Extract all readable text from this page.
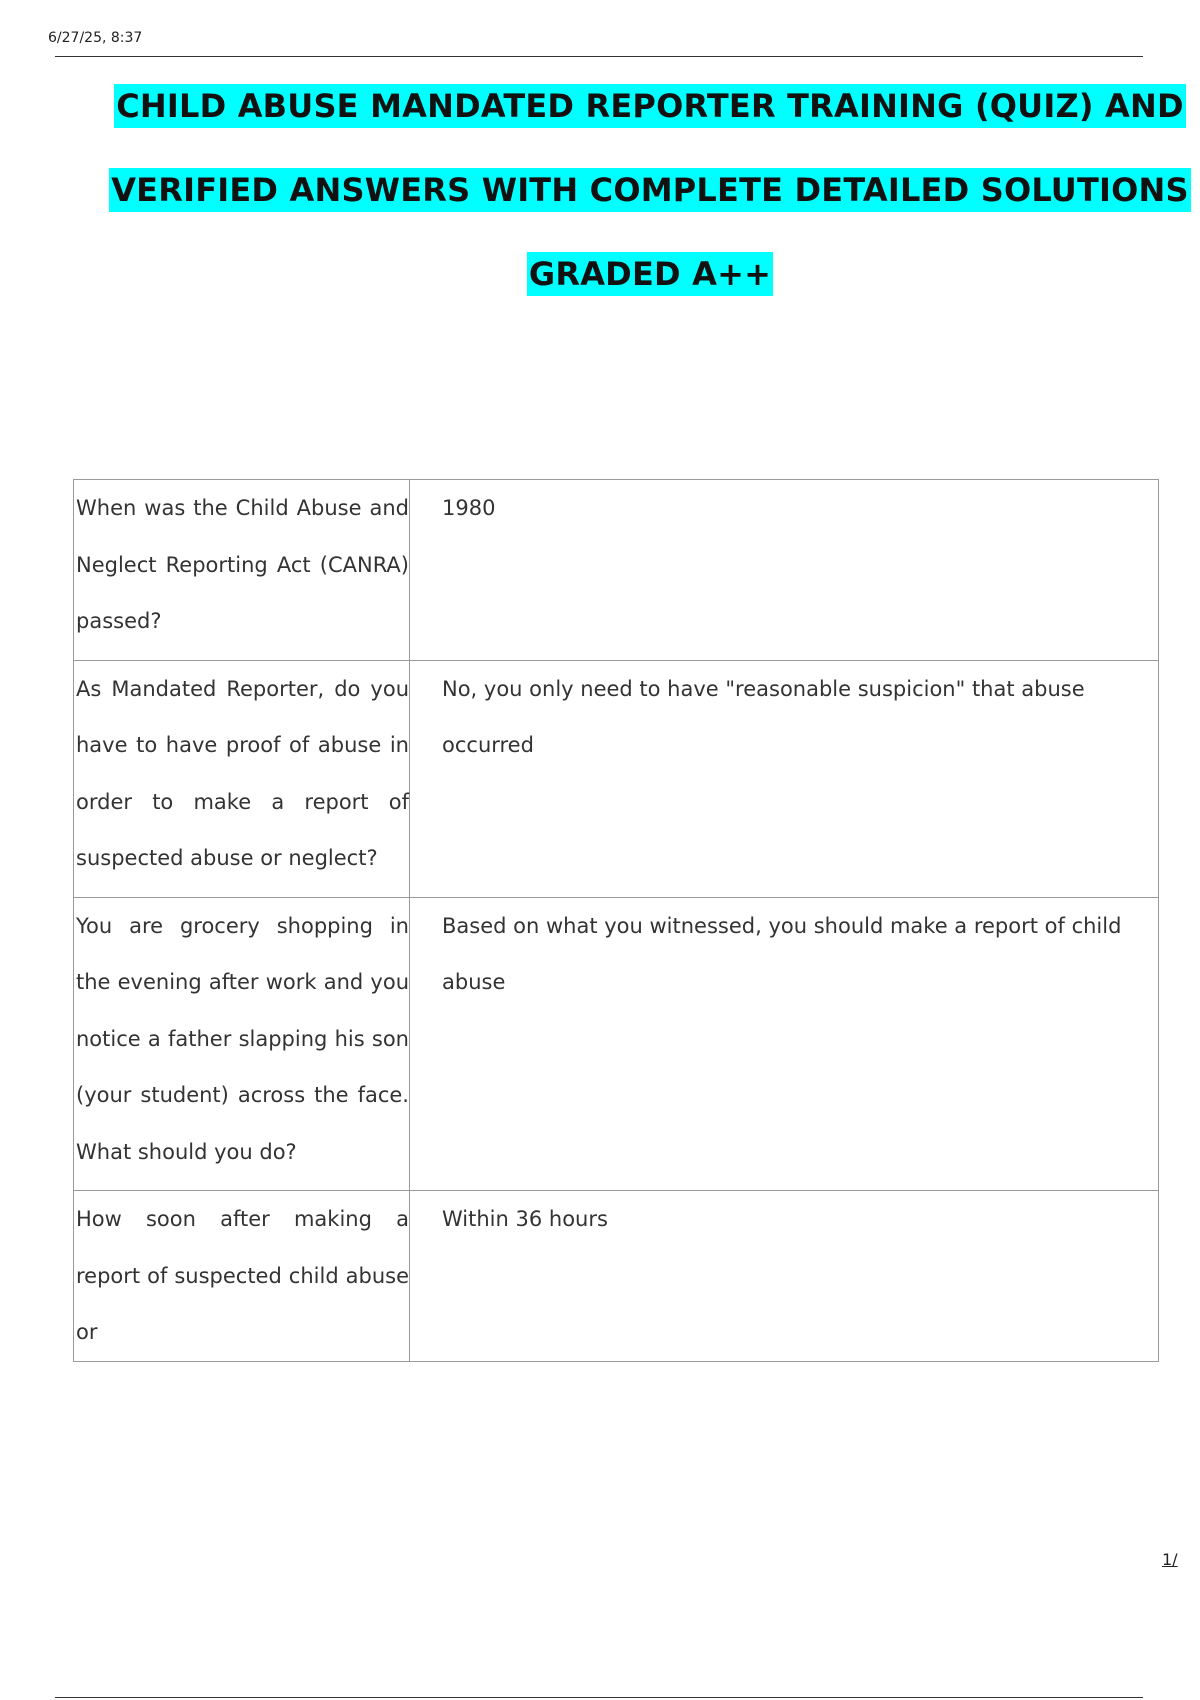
6/27/25, 8:37
CHILD ABUSE MANDATED REPORTER TRAINING (QUIZ) AND
VERIFIED ANSWERS WITH COMPLETE DETAILED SOLUTIONS
GRADED A++
When was the Child Abuse and Neglect Reporting Act (CANRA) passed?	1980
As Mandated Reporter, do you have to have proof of abuse in order to make a report of suspected abuse or neglect?	No, you only need to have "reasonable suspicion" that abuse occurred
You are grocery shopping in the evening after work and you notice a father slapping his son (your student) across the face. What should you do?	Based on what you witnessed, you should make a report of child abuse
How soon after making a report of suspected child abuse or	Within 36 hours
1/
